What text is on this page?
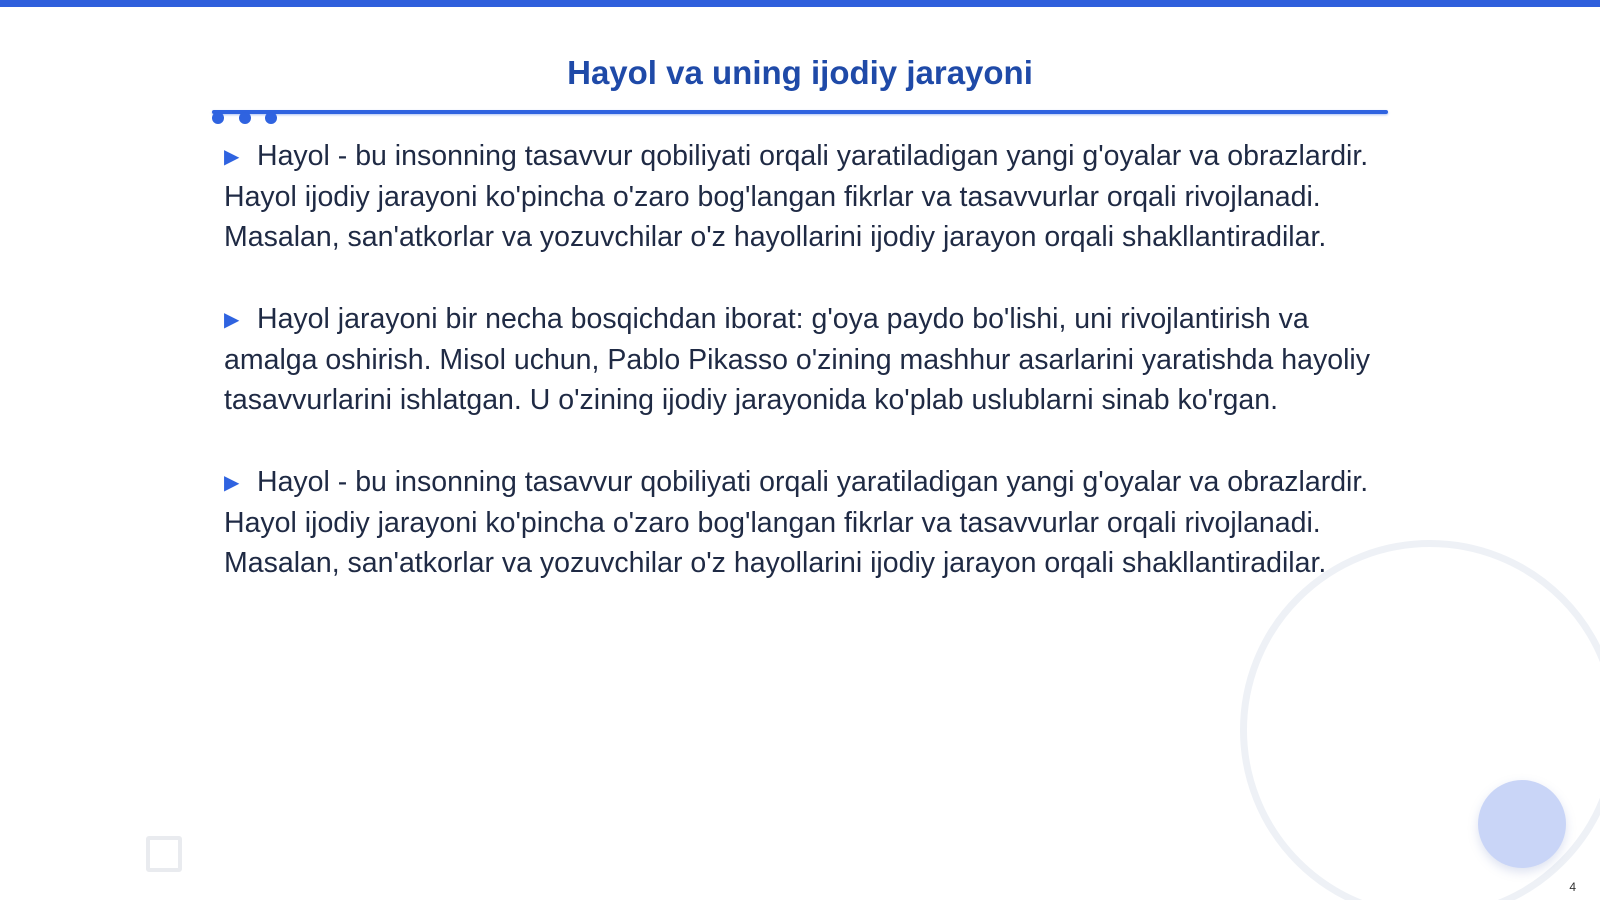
Hayol va uning ijodiy jarayoni

▶ Hayol - bu insonning tasavvur qobiliyati orqali yaratiladigan yangi g'oyalar va obrazlardir. Hayol ijodiy jarayoni ko'pincha o'zaro bog'langan fikrlar va tasavvurlar orqali rivojlanadi. Masalan, san'atkorlar va yozuvchilar o'z hayollarini ijodiy jarayon orqali shakllantiradilar.

▶ Hayol jarayoni bir necha bosqichdan iborat: g'oya paydo bo'lishi, uni rivojlantirish va amalga oshirish. Misol uchun, Pablo Pikasso o'zining mashhur asarlarini yaratishda hayoliy tasavvurlarini ishlatgan. U o'zining ijodiy jarayonida ko'plab uslublarni sinab ko'rgan.

▶ Hayol - bu insonning tasavvur qobiliyati orqali yaratiladigan yangi g'oyalar va obrazlardir. Hayol ijodiy jarayoni ko'pincha o'zaro bog'langan fikrlar va tasavvurlar orqali rivojlanadi. Masalan, san'atkorlar va yozuvchilar o'z hayollarini ijodiy jarayon orqali shakllantiradilar.

4
